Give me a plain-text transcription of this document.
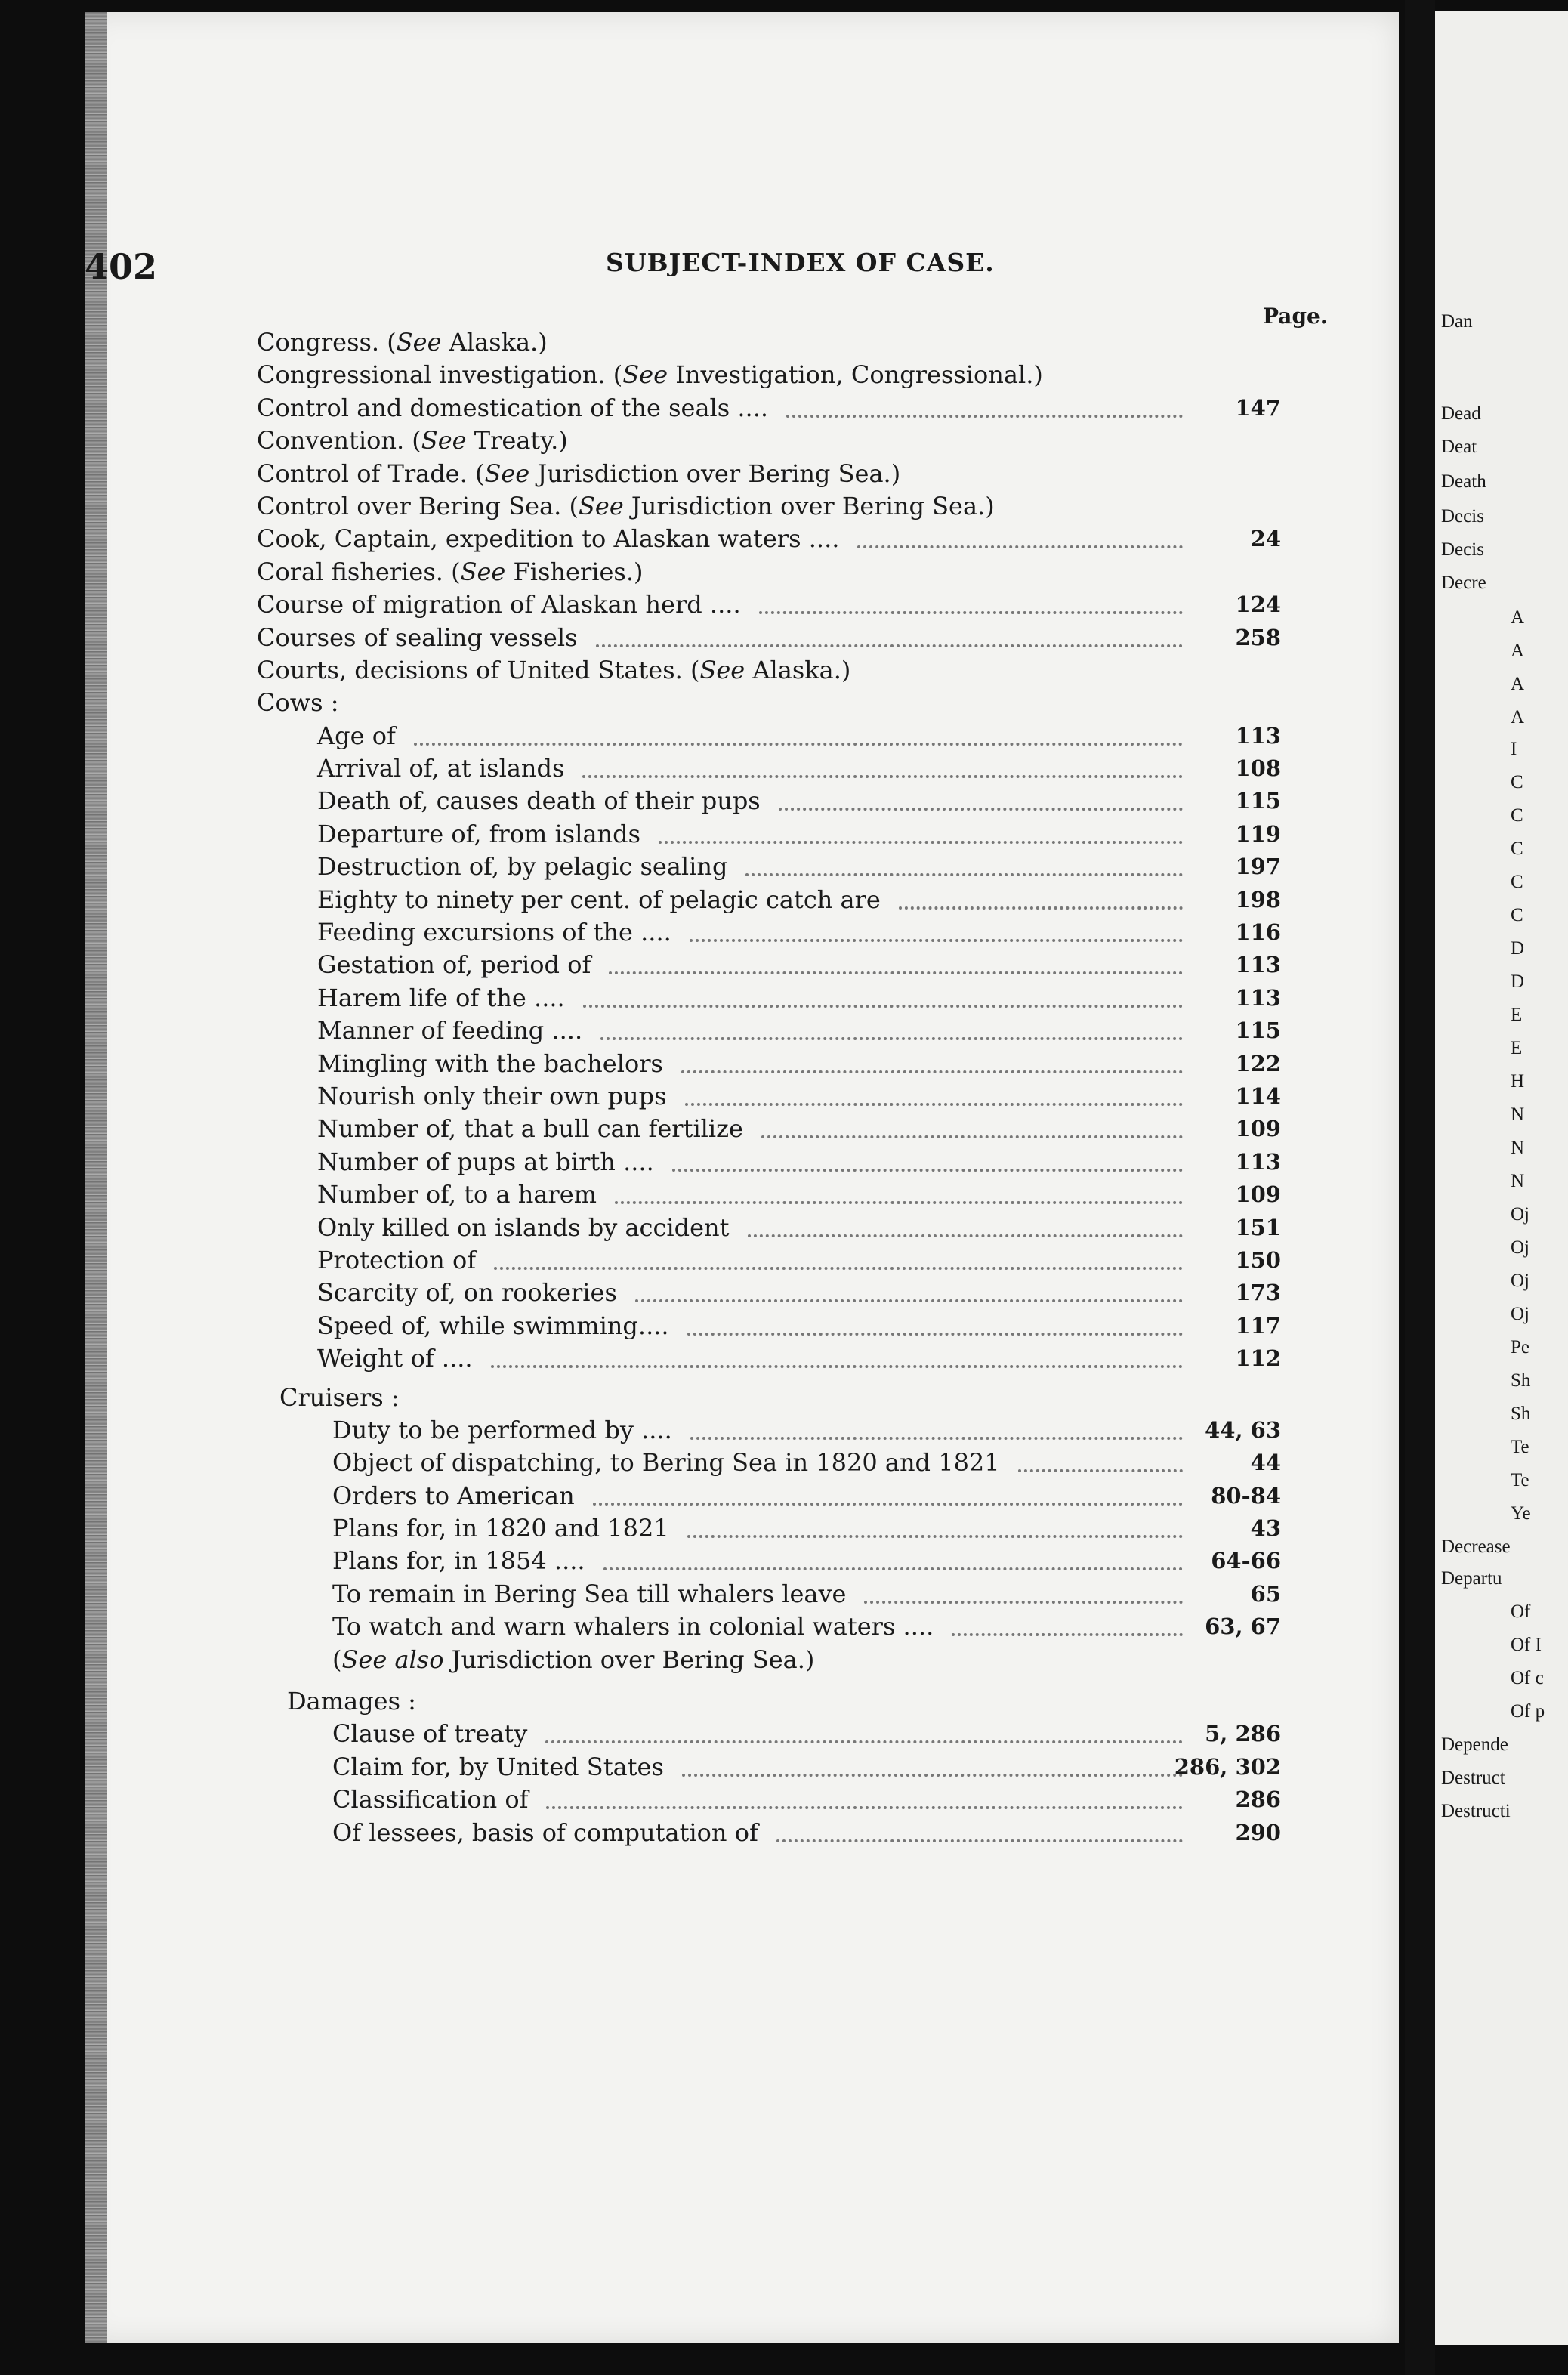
Dan
Dead
Deat
Death
Decis
Decis
Decre
A
A
A
A
I
C
C
C
C
C
D
D
E
E
H
N
N
N
Oj
Oj
Oj
Oj
Pe
Sh
Sh
Te
Te
Ye
Decrease
Departu
Of
Of I
Of c
Of p
Depende
Destruct
Destructi
402	SUBJECT-INDEX OF CASE.
Page.
Congress. (See Alaska.)
Congressional investigation. (See Investigation, Congressional.)
Control and domestication of the seals ....	147
Convention. (See Treaty.)
Control of Trade. (See Jurisdiction over Bering Sea.)
Control over Bering Sea. (See Jurisdiction over Bering Sea.)
Cook, Captain, expedition to Alaskan waters ....	24
Coral fisheries. (See Fisheries.)
Course of migration of Alaskan herd ....	124
Courses of sealing vessels	258
Courts, decisions of United States. (See Alaska.)
Cows :
Age of	113
Arrival of, at islands	108
Death of, causes death of their pups	115
Departure of, from islands	119
Destruction of, by pelagic sealing	197
Eighty to ninety per cent. of pelagic catch are	198
Feeding excursions of the ....	116
Gestation of, period of	113
Harem life of the ....	113
Manner of feeding ....	115
Mingling with the bachelors	122
Nourish only their own pups	114
Number of, that a bull can fertilize	109
Number of pups at birth ....	113
Number of, to a harem	109
Only killed on islands by accident	151
Protection of	150
Scarcity of, on rookeries	173
Speed of, while swimming....	117
Weight of ....	112
Cruisers :
Duty to be performed by ....	44, 63
Object of dispatching, to Bering Sea in 1820 and 1821	44
Orders to American	80-84
Plans for, in 1820 and 1821	43
Plans for, in 1854 ....	64-66
To remain in Bering Sea till whalers leave	65
To watch and warn whalers in colonial waters ....	63, 67
(See also Jurisdiction over Bering Sea.)
Damages :
Clause of treaty	5, 286
Claim for, by United States	286, 302
Classification of	286
Of lessees, basis of computation of	290
